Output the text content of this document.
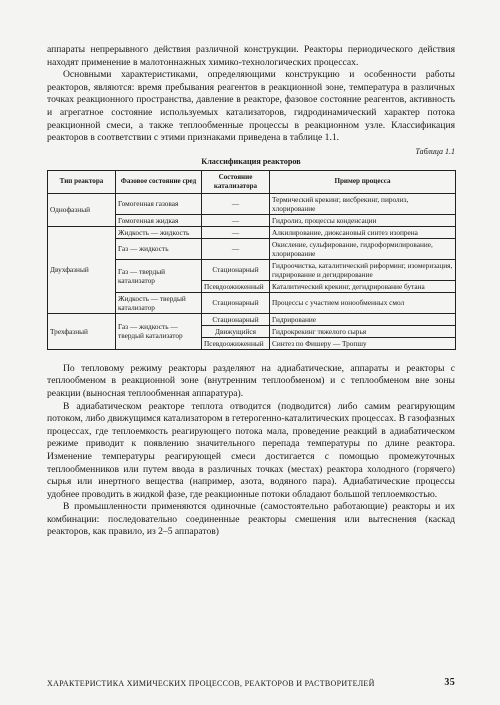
аппараты непрерывного действия различной конструкции. Реакторы периодического действия находят применение в малотоннажных химико-технологических процессах.

Основными характеристиками, определяющими конструкцию и особенности работы реакторов, являются: время пребывания реагентов в реакционной зоне, температура в различных точках реакционного пространства, давление в реакторе, фазовое состояние реагентов, активность и агрегатное состояние используемых катализаторов, гидродинамический характер потока реакционной смеси, а также теплообменные процессы в реакционном узле. Классификация реакторов в соответствии с этими признаками приведена в таблице 1.1.

Таблица 1.1
Классификация реакторов
Тип реактора	Фазовое состояние сред	Состояние катализатора	Пример процесса
Однофазный	Гомогенная газовая	—	Термический крекинг, висбрекинг, пиролиз, хлорирование
	Гомогенная жидкая	—	Гидролиз, процессы конденсации
Двухфазный	Жидкость — жидкость	—	Алкилирование, диоксановый синтез изопрена
	Газ — жидкость	—	Окисление, сульфирование, гидроформилирование, хлорирование
	Газ — твердый катализатор	Стационарный	Гидроочистка, каталитический риформинг, изомеризация, гидрирование и дегидрирование
		Псевдоожиженный	Каталитический крекинг, дегидрирование бутана
	Жидкость — твердый катализатор	Стационарный	Процессы с участием ионообменных смол
Трехфазный	Газ — жидкость — твердый катализатор	Стационарный	Гидрирование
		Движущийся	Гидрокрекинг тяжелого сырья
		Псевдоожиженный	Синтез по Фишеру — Тропшу

По тепловому режиму реакторы разделяют на адиабатические, аппараты и реакторы с теплообменом в реакционной зоне (внутренним теплообменом) и с теплообменом вне зоны реакции (выносная теплообменная аппаратура).

В адиабатическом реакторе теплота отводится (подводится) либо самим реагирующим потоком, либо движущимся катализатором в гетерогенно-каталитических процессах. В газофазных процессах, где теплоемкость реагирующего потока мала, проведение реакций в адиабатическом режиме приводит к появлению значительного перепада температуры по длине реактора. Изменение температуры реагирующей смеси достигается с помощью промежуточных теплообменников или путем ввода в различных точках (местах) реактора холодного (горячего) сырья или инертного вещества (например, азота, водяного пара). Адиабатические процессы удобнее проводить в жидкой фазе, где реакционные потоки обладают большой теплоемкостью.

В промышленности применяются одиночные (самостоятельно работающие) реакторы и их комбинации: последовательно соединенные реакторы смешения или вытеснения (каскад реакторов, как правило, из 2–5 аппаратов)

ХАРАКТЕРИСТИКА ХИМИЧЕСКИХ ПРОЦЕССОВ, РЕАКТОРОВ И РАСТВОРИТЕЛЕЙ	35
